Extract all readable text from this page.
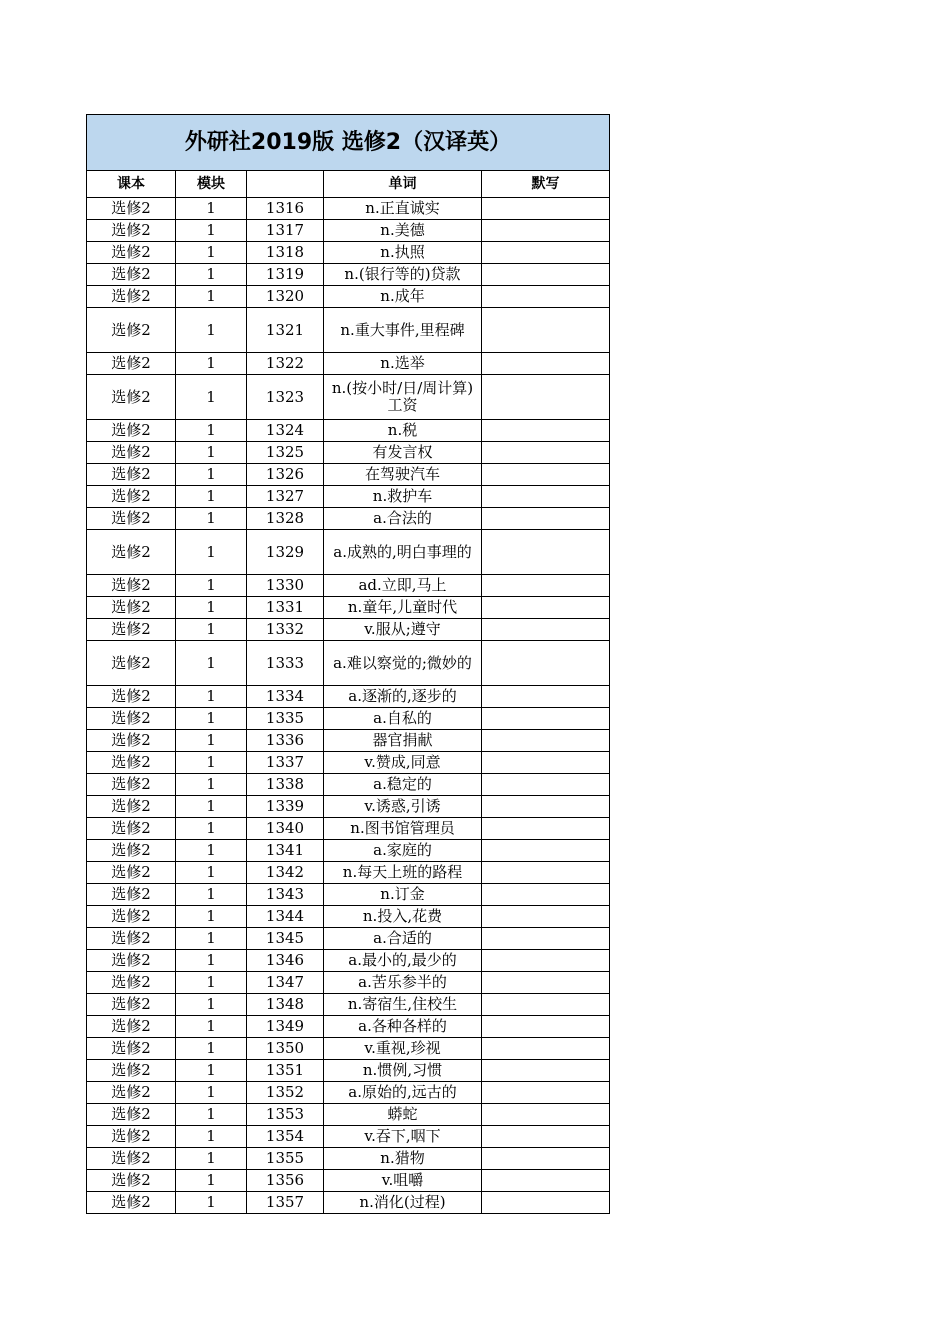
外研社2019版 选修2（汉译英）				
课本	模块		单词	默写
选修2	1	1316	n.正直诚实	
选修2	1	1317	n.美德	
选修2	1	1318	n.执照	
选修2	1	1319	n.(银行等的)贷款	
选修2	1	1320	n.成年	
选修2	1	1321	n.重大事件,里程碑	
选修2	1	1322	n.选举	
选修2	1	1323	n.(按小时/日/周计算)工资	
选修2	1	1324	n.税	
选修2	1	1325	有发言权	
选修2	1	1326	在驾驶汽车	
选修2	1	1327	n.救护车	
选修2	1	1328	a.合法的	
选修2	1	1329	a.成熟的,明白事理的	
选修2	1	1330	ad.立即,马上	
选修2	1	1331	n.童年,儿童时代	
选修2	1	1332	v.服从;遵守	
选修2	1	1333	a.难以察觉的;微妙的	
选修2	1	1334	a.逐渐的,逐步的	
选修2	1	1335	a.自私的	
选修2	1	1336	器官捐献	
选修2	1	1337	v.赞成,同意	
选修2	1	1338	a.稳定的	
选修2	1	1339	v.诱惑,引诱	
选修2	1	1340	n.图书馆管理员	
选修2	1	1341	a.家庭的	
选修2	1	1342	n.每天上班的路程	
选修2	1	1343	n.订金	
选修2	1	1344	n.投入,花费	
选修2	1	1345	a.合适的	
选修2	1	1346	a.最小的,最少的	
选修2	1	1347	a.苦乐参半的	
选修2	1	1348	n.寄宿生,住校生	
选修2	1	1349	a.各种各样的	
选修2	1	1350	v.重视,珍视	
选修2	1	1351	n.惯例,习惯	
选修2	1	1352	a.原始的,远古的	
选修2	1	1353	蟒蛇	
选修2	1	1354	v.吞下,咽下	
选修2	1	1355	n.猎物	
选修2	1	1356	v.咀嚼	
选修2	1	1357	n.消化(过程)	
